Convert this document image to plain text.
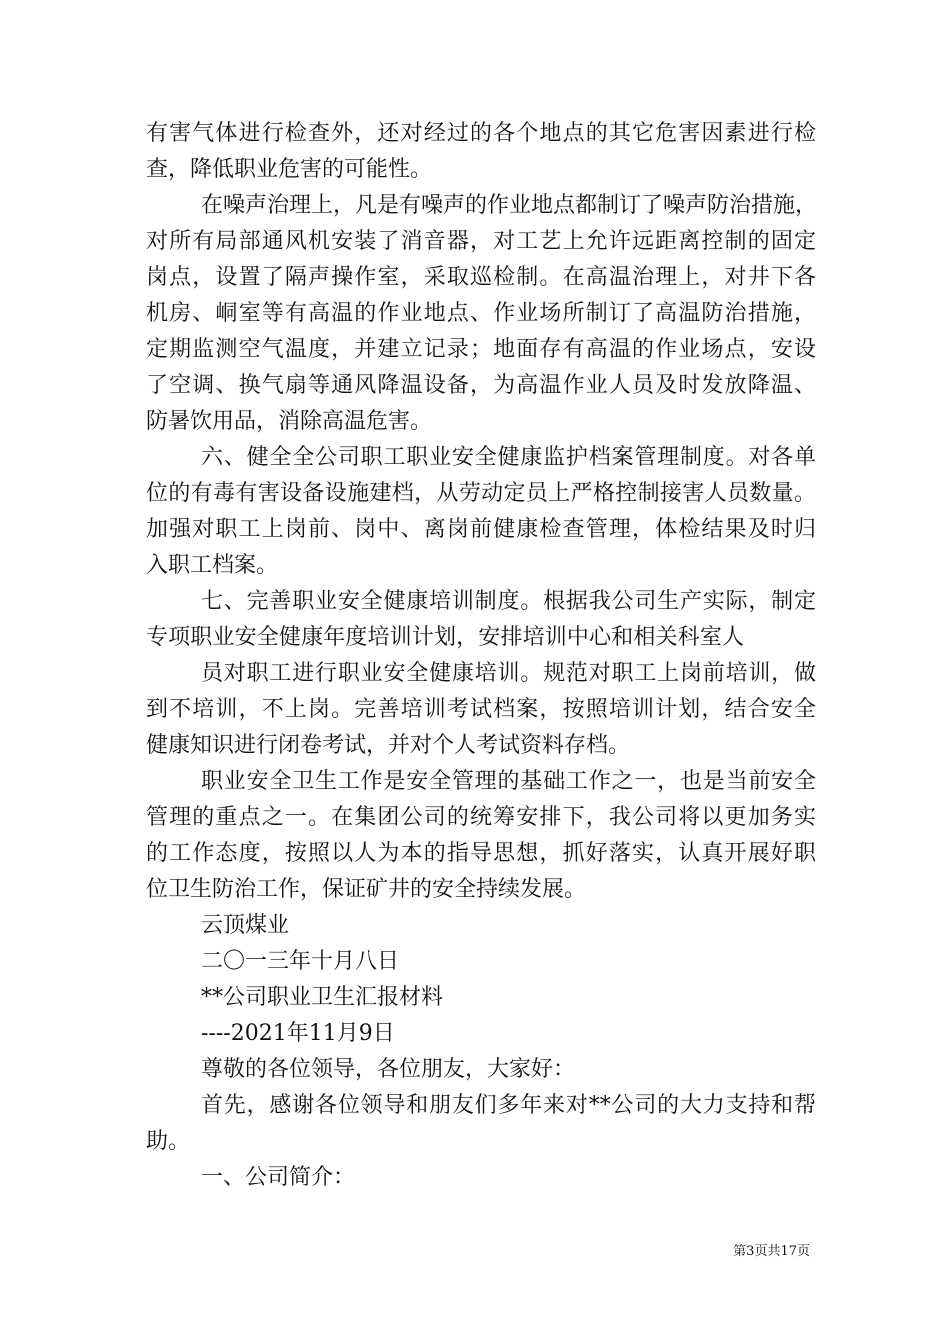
有害气体进行检查外，还对经过的各个地点的其它危害因素进行检
查，降低职业危害的可能性。
在噪声治理上，凡是有噪声的作业地点都制订了噪声防治措施，
对所有局部通风机安装了消音器，对工艺上允许远距离控制的固定
岗点，设置了隔声操作室，采取巡检制。在高温治理上，对井下各
机房、峒室等有高温的作业地点、作业场所制订了高温防治措施，
定期监测空气温度，并建立记录；地面存有高温的作业场点，安设
了空调、换气扇等通风降温设备，为高温作业人员及时发放降温、
防暑饮用品，消除高温危害。
六、健全全公司职工职业安全健康监护档案管理制度。对各单
位的有毒有害设备设施建档，从劳动定员上严格控制接害人员数量。
加强对职工上岗前、岗中、离岗前健康检查管理，体检结果及时归
入职工档案。
七、完善职业安全健康培训制度。根据我公司生产实际，制定
专项职业安全健康年度培训计划，安排培训中心和相关科室人
员对职工进行职业安全健康培训。规范对职工上岗前培训，做
到不培训，不上岗。完善培训考试档案，按照培训计划，结合安全
健康知识进行闭卷考试，并对个人考试资料存档。
职业安全卫生工作是安全管理的基础工作之一，也是当前安全
管理的重点之一。在集团公司的统筹安排下，我公司将以更加务实
的工作态度，按照以人为本的指导思想，抓好落实，认真开展好职
位卫生防治工作，保证矿井的安全持续发展。
云顶煤业
二〇一三年十月八日
**公司职业卫生汇报材料
----2021年11月9日
尊敬的各位领导，各位朋友，大家好：
首先，感谢各位领导和朋友们多年来对**公司的大力支持和帮
助。
一、公司简介：
第3页共17页
